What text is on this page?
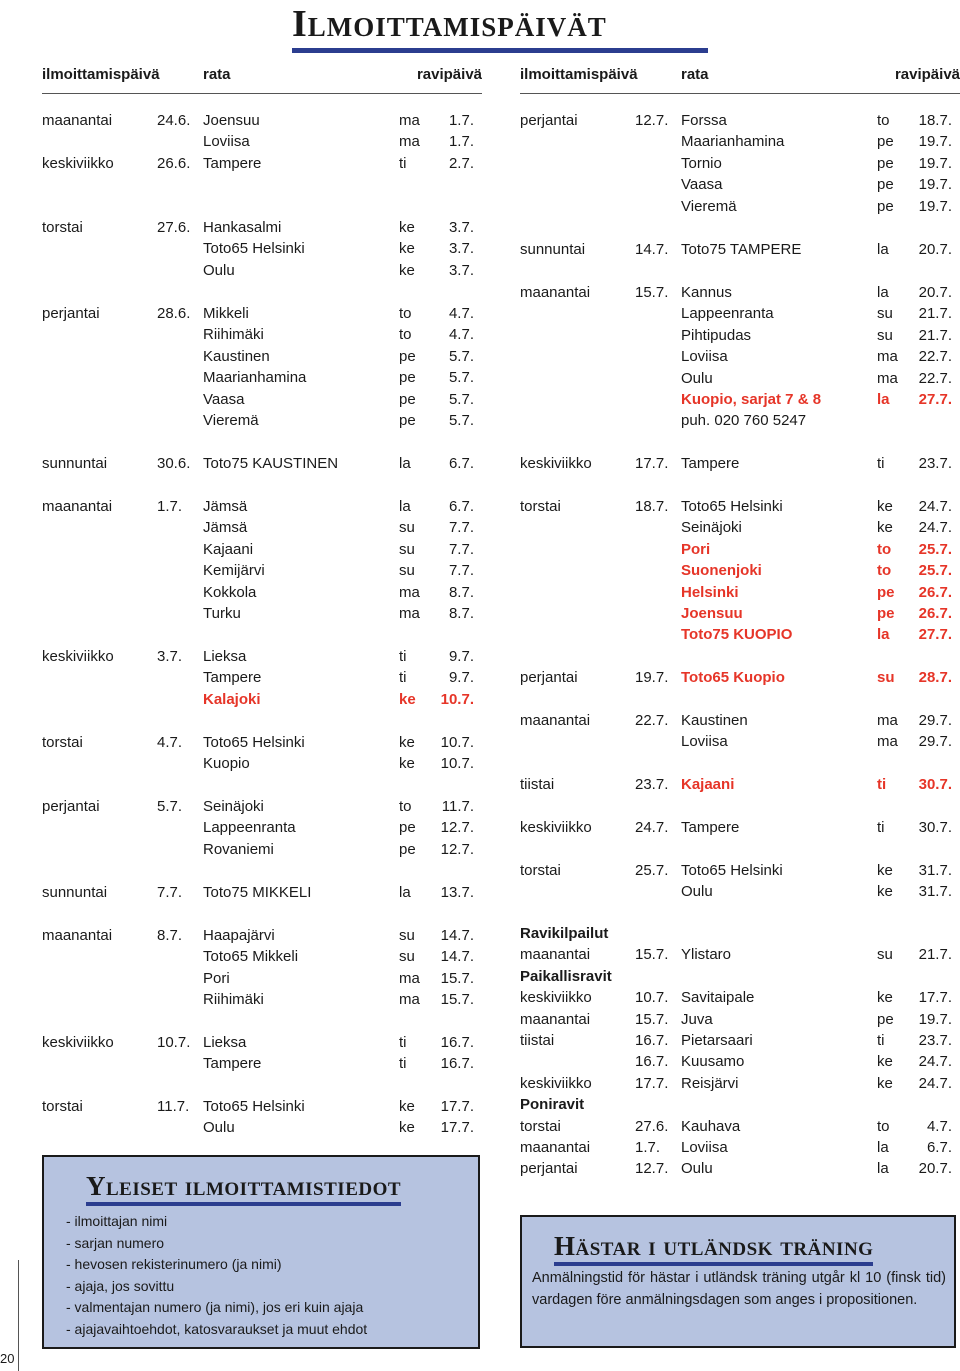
Ilmoittamispäivät
ilmoittamispäivä	rata	ravipäivä
maanantai	24.6. Joensuu	ma 1.7.
Loviisa	ma 1.7.
keskiviikko	26.6. Tampere	ti	2.7.
torstai	27.6. Hankasalmi	ke 3.7.
Toto65 Helsinki	ke 3.7.
Oulu	ke 3.7.
perjantai	28.6. Mikkeli	to 4.7.
Riihimäki	to 4.7.
Kaustinen	pe 5.7.
Maarianhamina	pe 5.7.
Vaasa	pe 5.7.
Vieremä	pe 5.7.
sunnuntai	30.6. Toto75 KAUSTINEN	la	6.7.
maanantai	1.7. Jämsä	la	6.7.
Jämsä	su 7.7.
Kajaani	su 7.7.
Kemijärvi	su 7.7.
Kokkola	ma 8.7.
Turku	ma 8.7.
keskiviikko	3.7. Lieksa	ti	9.7.
Tampere	ti	9.7.
Kalajoki	ke 10.7.
torstai	4.7. Toto65 Helsinki	ke 10.7.
Kuopio	ke 10.7.
perjantai	5.7. Seinäjoki	to 11.7.
Lappeenranta	pe 12.7.
Rovaniemi	pe 12.7.
sunnuntai	7.7. Toto75 MIKKELI	la 13.7.
maanantai	8.7. Haapajärvi	su 14.7.
Toto65 Mikkeli	su 14.7.
Pori	ma 15.7.
Riihimäki	ma 15.7.
keskiviikko	10.7. Lieksa	ti 16.7.
Tampere	ti 16.7.
torstai	11.7. Toto65 Helsinki	ke 17.7.
Oulu	ke 17.7.
ilmoittamispäivä	rata	ravipäivä
perjantai	12.7. Forssa	to 18.7.
Maarianhamina	pe 19.7.
Tornio	pe 19.7.
Vaasa	pe 19.7.
Vieremä	pe 19.7.
sunnuntai	14.7. Toto75 TAMPERE	la 20.7.
maanantai	15.7. Kannus	la 20.7.
Lappeenranta	su 21.7.
Pihtipudas	su 21.7.
Loviisa	ma 22.7.
Oulu	ma 22.7.
Kuopio, sarjat 7 & 8	la 27.7.
puh. 020 760 5247
keskiviikko	17.7. Tampere	ti 23.7.
torstai	18.7. Toto65 Helsinki	ke 24.7.
Seinäjoki	ke 24.7.
Pori	to 25.7.
Suonenjoki	to 25.7.
Helsinki	pe 26.7.
Joensuu	pe 26.7.
Toto75 KUOPIO	la 27.7.
perjantai	19.7. Toto65 Kuopio	su 28.7.
maanantai	22.7. Kaustinen	ma 29.7.
Loviisa	ma 29.7.
tiistai	23.7. Kajaani	ti 30.7.
keskiviikko	24.7. Tampere	ti 30.7.
torstai	25.7. Toto65 Helsinki	ke 31.7.
Oulu	ke 31.7.
Ravikilpailut
maanantai	15.7. Ylistaro	su 21.7.
Paikallisravit
keskiviikko	10.7. Savitaipale	ke 17.7.
maanantai	15.7. Juva	pe 19.7.
tiistai	16.7. Pietarsaari	ti 23.7.
16.7. Kuusamo	ke 24.7.
keskiviikko	17.7. Reisjärvi	ke 24.7.
Poniravit
torstai	27.6. Kauhava	to 4.7.
maanantai	1.7. Loviisa	la	6.7.
perjantai	12.7. Oulu	la 20.7.
Yleiset ilmoittamistiedot
- ilmoittajan nimi
- sarjan numero
- hevosen rekisterinumero (ja nimi)
- ajaja, jos sovittu
- valmentajan numero (ja nimi), jos eri kuin ajaja
- ajajavaihtoehdot, katosvaraukset ja muut ehdot
Hästar i utländsk träning

Anmälningstid för hästar i utländsk träning utgår kl 10 (finsk tid) vardagen före anmälningsdagen som anges i propositionen.

20
